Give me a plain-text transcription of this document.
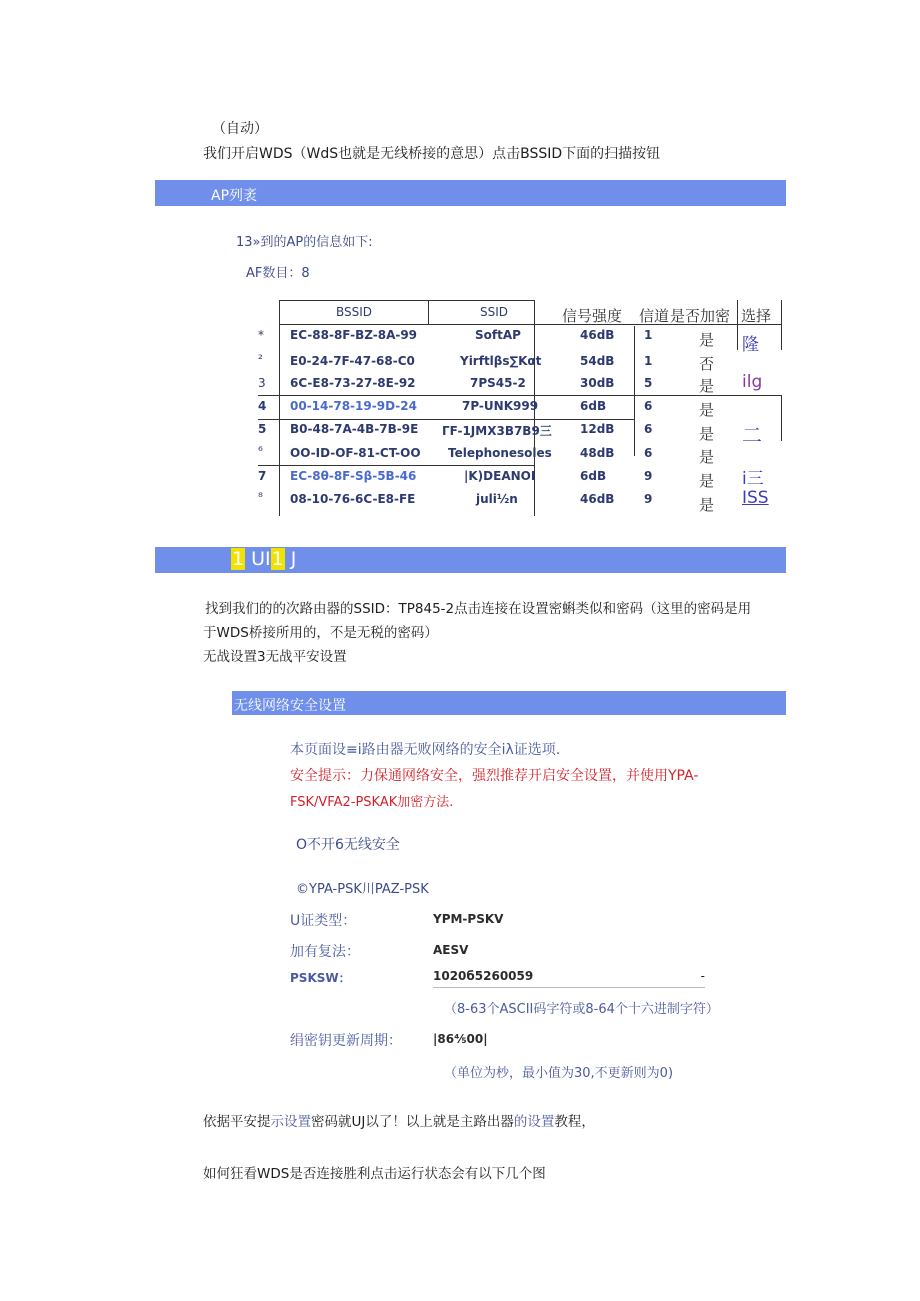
（自动）
我们开启WDS（WdS也就是无线桥接的意思）点击BSSID下面的扫描按钮
AP列袤
13»到的AP的信息如下:
AF数目：8
BSSID	SSID	信号强度 信道 是否加密 选择
* EC-88-8F-BZ-8A-99	SoftAP	46dB 1	是 隆
² E0-24-7F-47-68-C0	Yirftlβs∑Kαt	54dB 1	否
3 6C-E8-73-27-8E-92	7PS45-2	30dB 5	是 ilg
4 00-14-78-19-9D-24	7P-UNK999	6dB	6	是
5 B0-48-7A-4B-7B-9E ΓF-1JMX3B7B9三 12dB 6	是 二
⁶ OO-ID-OF-81-CT-OO Telephonesoles 48dB 6	是
7 EC-8θ-8F-Sβ-5B-46	|K)DEANOI	6dB	9	是 i三
⁸ 08-10-76-6C-E8-FE	juli½n	46dB 9	是 ISS
1 UI1 J
找到我们的的次路由器的SSID：TP845-2点击连接在设置密蝌类似和密码（这里的密码是用
于WDS桥接所用的，不是无税的密码）
无战设置3无战平安设置
无线网络安全设置
本页面设≡i路由器无败网络的安全iλ证选项.
安全提示：力保通网络安全，强烈推荐开启安全设置，并使用YPA-
FSK/VFA2-PSKAK加密方法.
O不开6无线安全
©YPA-PSK川PAZ-PSK
U证类型：	YPM-PSKV
加有复法：	AESV
PSKSW：	1020б5260059	-
（8-63个ASCII码字符或8-64个十六进制字符）
绢密钥更新周期：	|86⅘00|
（单位为杪，最小值为30,不更新则为0)
依据平安提示设置密码就UJ以了！以上就是主路出器的设置教程，
如何狂看WDS是否连接胜利点击运行状态会有以下几个图
